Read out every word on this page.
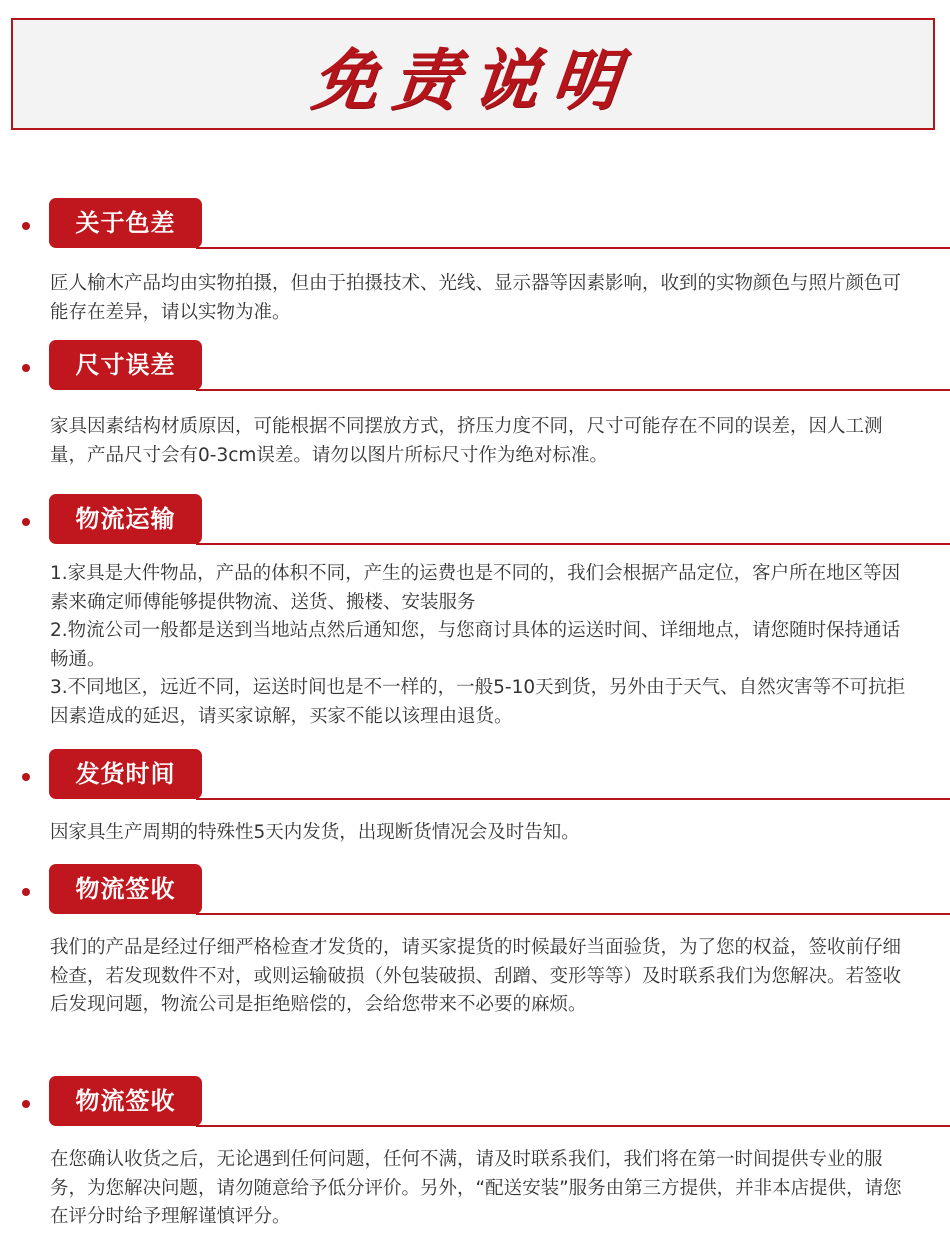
免责说明
关于色差

匠人榆木产品均由实物拍摄，但由于拍摄技术、光线、显示器等因素影响，收到的实物颜色与照片颜色可能存在差异，请以实物为准。

尺寸误差

家具因素结构材质原因，可能根据不同摆放方式，挤压力度不同，尺寸可能存在不同的误差，因人工测量，产品尺寸会有0-3cm误差。请勿以图片所标尺寸作为绝对标准。

物流运输

1.家具是大件物品，产品的体积不同，产生的运费也是不同的，我们会根据产品定位，客户所在地区等因素来确定师傅能够提供物流、送货、搬楼、安装服务

2.物流公司一般都是送到当地站点然后通知您，与您商讨具体的运送时间、详细地点，请您随时保持通话畅通。

3.不同地区，远近不同，运送时间也是不一样的，一般5-10天到货，另外由于天气、自然灾害等不可抗拒因素造成的延迟，请买家谅解，买家不能以该理由退货。

发货时间

因家具生产周期的特殊性5天内发货，出现断货情况会及时告知。

物流签收

我们的产品是经过仔细严格检查才发货的，请买家提货的时候最好当面验货，为了您的权益，签收前仔细检查，若发现数件不对，或则运输破损（外包装破损、刮蹭、变形等等）及时联系我们为您解决。若签收后发现问题，物流公司是拒绝赔偿的，会给您带来不必要的麻烦。

物流签收

在您确认收货之后，无论遇到任何问题，任何不满，请及时联系我们，我们将在第一时间提供专业的服务，为您解决问题，请勿随意给予低分评价。另外，“配送安装”服务由第三方提供，并非本店提供，请您在评分时给予理解谨慎评分。
